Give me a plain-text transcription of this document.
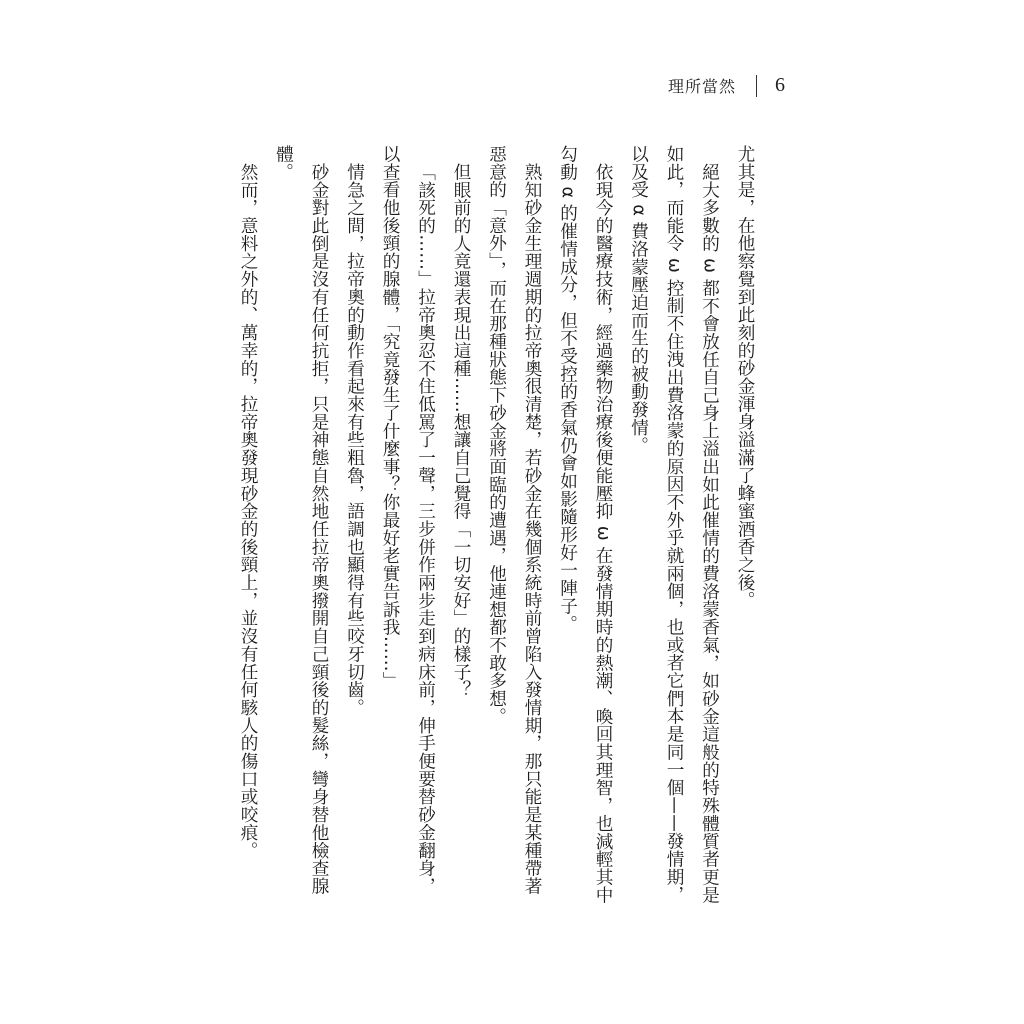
理所當然 6

尤其是，在他察覺到此刻的砂金渾身溢滿了蜂蜜酒香之後。

絕大多數的 ω 都不會放任自己身上溢出如此催情的費洛蒙香氣，如砂金這般的特殊體質者更是如此，而能令 ω 控制不住洩出費洛蒙的原因不外乎就兩個，也或者它們本是同一個——發情期，以及受 α 費洛蒙壓迫而生的被動發情。

依現今的醫療技術，經過藥物治療後便能壓抑 ω 在發情期時的熱潮、喚回其理智，也減輕其中勾動 α 的催情成分，但不受控的香氣仍會如影隨形好一陣子。

熟知砂金生理週期的拉帝奧很清楚，若砂金在幾個系統時前曾陷入發情期，那只能是某種帶著惡意的「意外」，而在那種狀態下砂金將面臨的遭遇，他連想都不敢多想。

但眼前的人竟還表現出這種……想讓自己覺得「一切安好」的樣子？

「該死的……」拉帝奧忍不住低罵了一聲，三步併作兩步走到病床前，伸手便要替砂金翻身，以查看他後頸的腺體，「究竟發生了什麼事？你最好老實告訴我……」

情急之間，拉帝奧的動作看起來有些粗魯，語調也顯得有些咬牙切齒。

砂金對此倒是沒有任何抗拒，只是神態自然地任拉帝奧撥開自己頸後的髮絲，彎身替他檢查腺體。

然而，意料之外的、萬幸的，拉帝奧發現砂金的後頸上，並沒有任何駭人的傷口或咬痕。
